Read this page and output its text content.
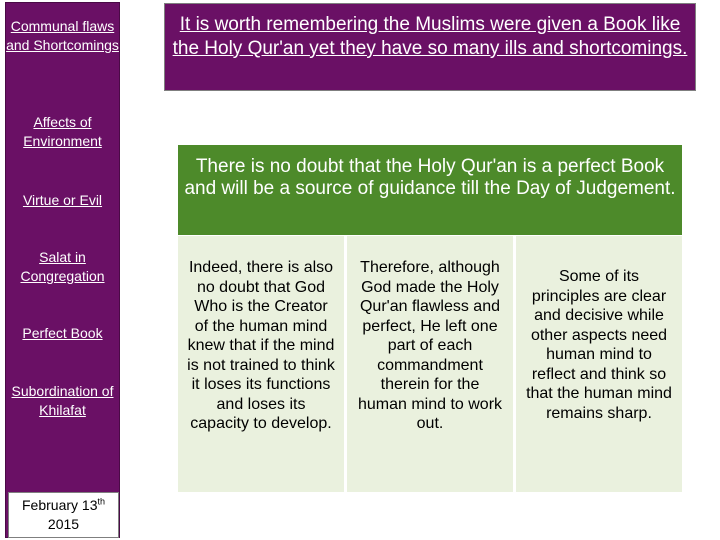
Communal flaws and Shortcomings
Affects of Environment
Virtue or Evil
Salat in Congregation
Perfect Book
Subordination of Khilafat
February 13th
2015
It is worth remembering the Muslims were given a Book like the Holy Qur'an yet they have so many ills and shortcomings.
There is no doubt that the Holy Qur'an is a perfect Book and will be a source of guidance till the Day of Judgement.
Indeed, there is also no doubt that God Who is the Creator of the human mind knew that if the mind is not trained to think it loses its functions and loses its capacity to develop.
Therefore, although God made the Holy Qur'an flawless and perfect, He left one part of each commandment therein for the human mind to work out.
Some of its principles are clear and decisive while other aspects need human mind to reflect and think so that the human mind remains sharp.
